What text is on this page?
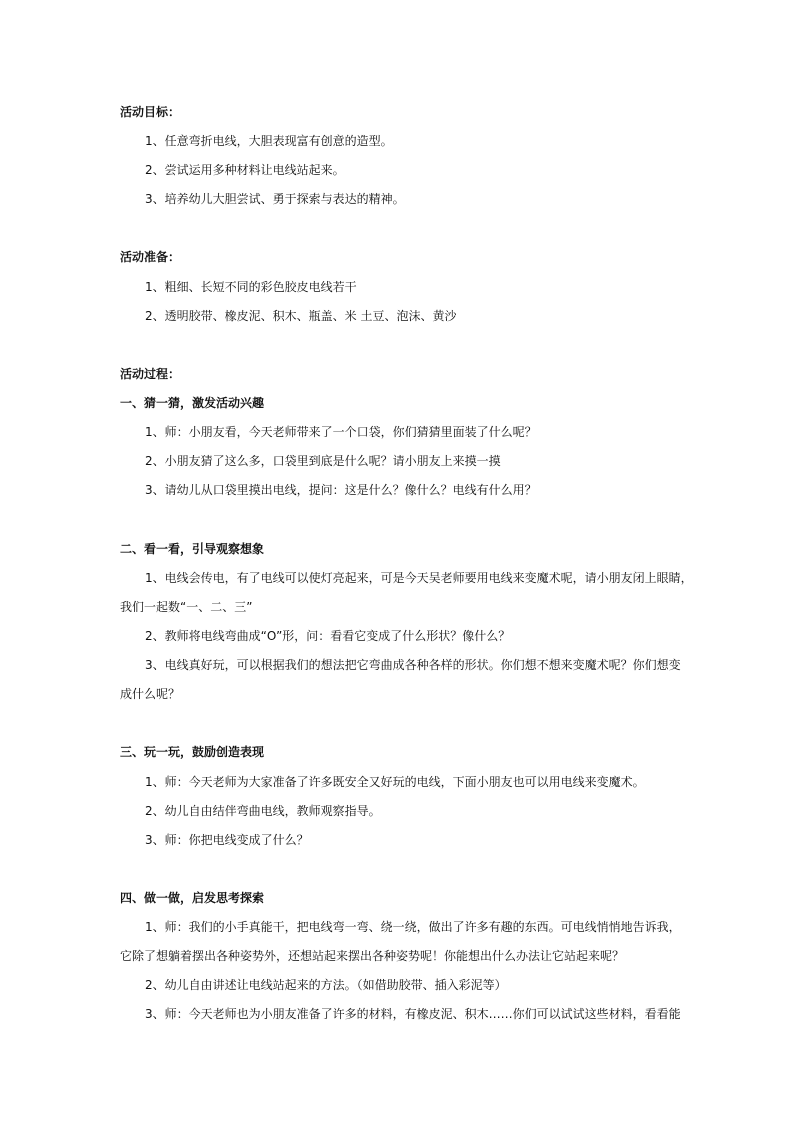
活动目标：
1、任意弯折电线，大胆表现富有创意的造型。
2、尝试运用多种材料让电线站起来。
3、培养幼儿大胆尝试、勇于探索与表达的精神。
活动准备：
1、粗细、长短不同的彩色胶皮电线若干
2、透明胶带、橡皮泥、积木、瓶盖、米 土豆、泡沫、黄沙
活动过程：
一、猜一猜，激发活动兴趣
1、师：小朋友看，今天老师带来了一个口袋，你们猜猜里面装了什么呢？
2、小朋友猜了这么多，口袋里到底是什么呢？请小朋友上来摸一摸
3、请幼儿从口袋里摸出电线，提问：这是什么？像什么？电线有什么用？
二、看一看，引导观察想象
1、电线会传电，有了电线可以使灯亮起来，可是今天吴老师要用电线来变魔术呢，请小朋友闭上眼睛，
我们一起数“一、二、三”
2、教师将电线弯曲成“O”形，问：看看它变成了什么形状？像什么？
3、电线真好玩，可以根据我们的想法把它弯曲成各种各样的形状。你们想不想来变魔术呢？你们想变
成什么呢？
三、玩一玩，鼓励创造表现
1、师：今天老师为大家准备了许多既安全又好玩的电线，下面小朋友也可以用电线来变魔术。
2、幼儿自由结伴弯曲电线，教师观察指导。
3、师：你把电线变成了什么？
四、做一做，启发思考探索
1、师：我们的小手真能干，把电线弯一弯、绕一绕，做出了许多有趣的东西。可电线悄悄地告诉我，
它除了想躺着摆出各种姿势外，还想站起来摆出各种姿势呢！你能想出什么办法让它站起来呢？
2、幼儿自由讲述让电线站起来的方法。（如借助胶带、插入彩泥等）
3、师：今天老师也为小朋友准备了许多的材料，有橡皮泥、积木……你们可以试试这些材料，看看能
